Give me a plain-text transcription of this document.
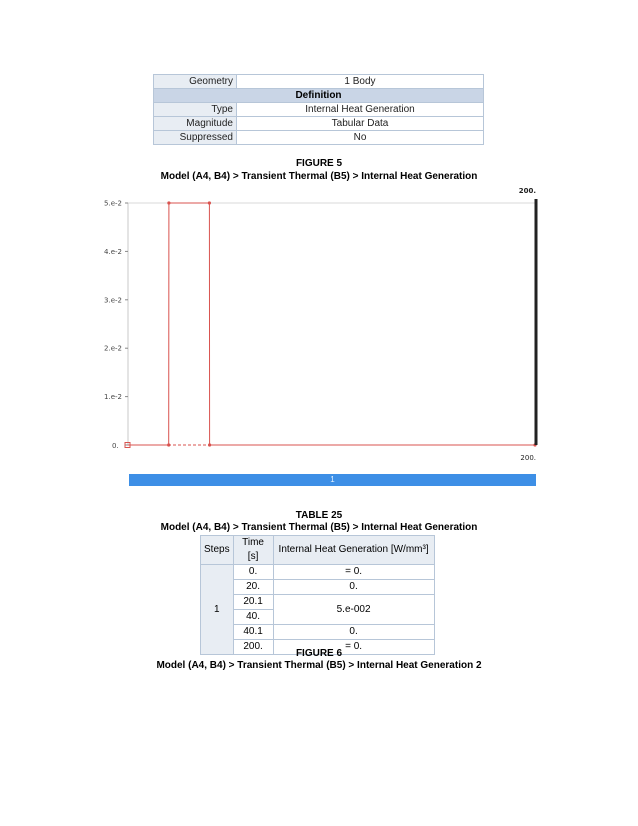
Geometry	1 Body
Definition	
Type	Internal Heat Generation
Magnitude	Tabular Data
Suppressed	No
FIGURE 5
Model (A4, B4) > Transient Thermal (B5) > Internal Heat Generation
1.e-2
2.e-2
3.e-2
4.e-2
5.e-2
200.
0.
200.
1
TABLE 25
Model (A4, B4) > Transient Thermal (B5) > Internal Heat Generation
Steps	Time [s]	Internal Heat Generation [W/mm³]
1	0.	= 0.
	20.	0.
	20.1	5.e-002
	40.	
	40.1	0.
	200.	= 0.
FIGURE 6
Model (A4, B4) > Transient Thermal (B5) > Internal Heat Generation 2
